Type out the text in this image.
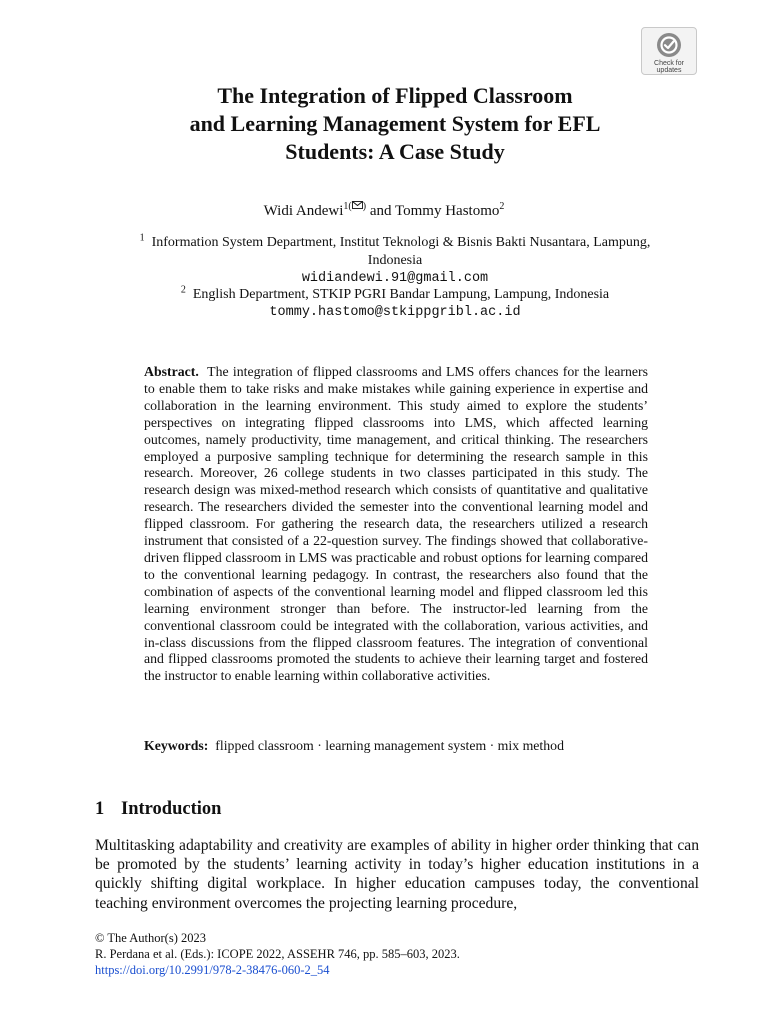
Check for
updates
The Integration of Flipped Classroom
and Learning Management System for EFL
Students: A Case Study
Widi Andewi$^{1( )}$ and Tommy Hastomo$^2$
$^1$ Information System Department, Institut Teknologi & Bisnis Bakti Nusantara, Lampung,
Indonesia
widiandewi.91@gmail.com
$^2$ English Department, STKIP PGRI Bandar Lampung, Lampung, Indonesia
tommy.hastomo@stkippgribl.ac.id

Abstract. The integration of flipped classrooms and LMS offers chances for the learners to enable them to take risks and make mistakes while gaining experience in expertise and collaboration in the learning environment. This study aimed to explore the students’ perspectives on integrating flipped classrooms into LMS, which affected learning outcomes, namely productivity, time management, and critical thinking. The researchers employed a purposive sampling technique for determining the research sample in this research. Moreover, 26 college students in two classes participated in this study. The research design was mixed-method research which consists of quantitative and qualitative research. The researchers divided the semester into the conventional learning model and flipped classroom. For gathering the research data, the researchers utilized a research instrument that consisted of a 22-question survey. The findings showed that collaborative-driven flipped classroom in LMS was practicable and robust options for learning compared to the conventional learning pedagogy. In contrast, the researchers also found that the combination of aspects of the conventional learning model and flipped classroom led this learning environment stronger than before. The instructor-led learning from the conventional classroom could be integrated with the collaboration, various activities, and in-class discussions from the flipped classroom features. The integration of conventional and flipped classrooms promoted the students to achieve their learning target and fostered the instructor to enable learning within collaborative activities.

Keywords: flipped classroom · learning management system · mix method
1 Introduction

Multitasking adaptability and creativity are examples of ability in higher order thinking that can be promoted by the students’ learning activity in today’s higher education institutions in a quickly shifting digital workplace. In higher education campuses today, the conventional teaching environment overcomes the projecting learning procedure,

© The Author(s) 2023
R. Perdana et al. (Eds.): ICOPE 2022, ASSEHR 746, pp. 585–603, 2023.
https://doi.org/10.2991/978-2-38476-060-2_54
